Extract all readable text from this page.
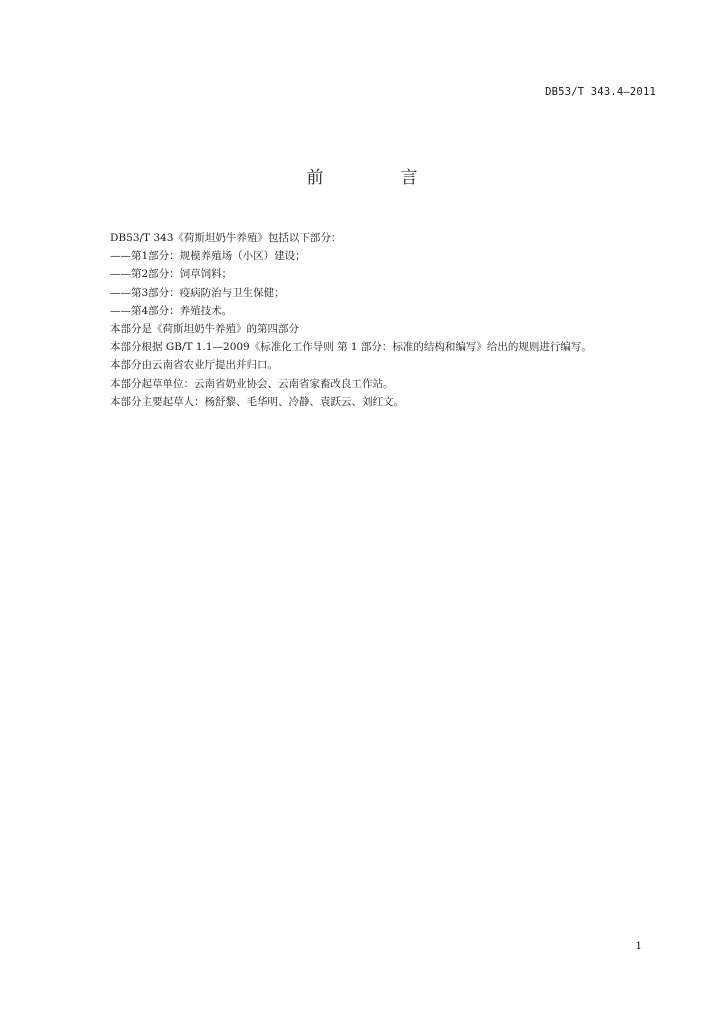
DB53/T 343.4—2011
前　言

DB53/T 343《荷斯坦奶牛养殖》包括以下部分：

——第1部分：规模养殖场（小区）建设；

——第2部分：饲草饲料；

——第3部分：疫病防治与卫生保健；

——第4部分：养殖技术。

本部分是《荷斯坦奶牛养殖》的第四部分

本部分根据 GB/T 1.1—2009《标准化工作导则 第 1 部分：标准的结构和编写》给出的规则进行编写。

本部分由云南省农业厅提出并归口。

本部分起草单位：云南省奶业协会、云南省家畜改良工作站。

本部分主要起草人：杨舒黎、毛华明、冷静、袁跃云、刘红文。

1
